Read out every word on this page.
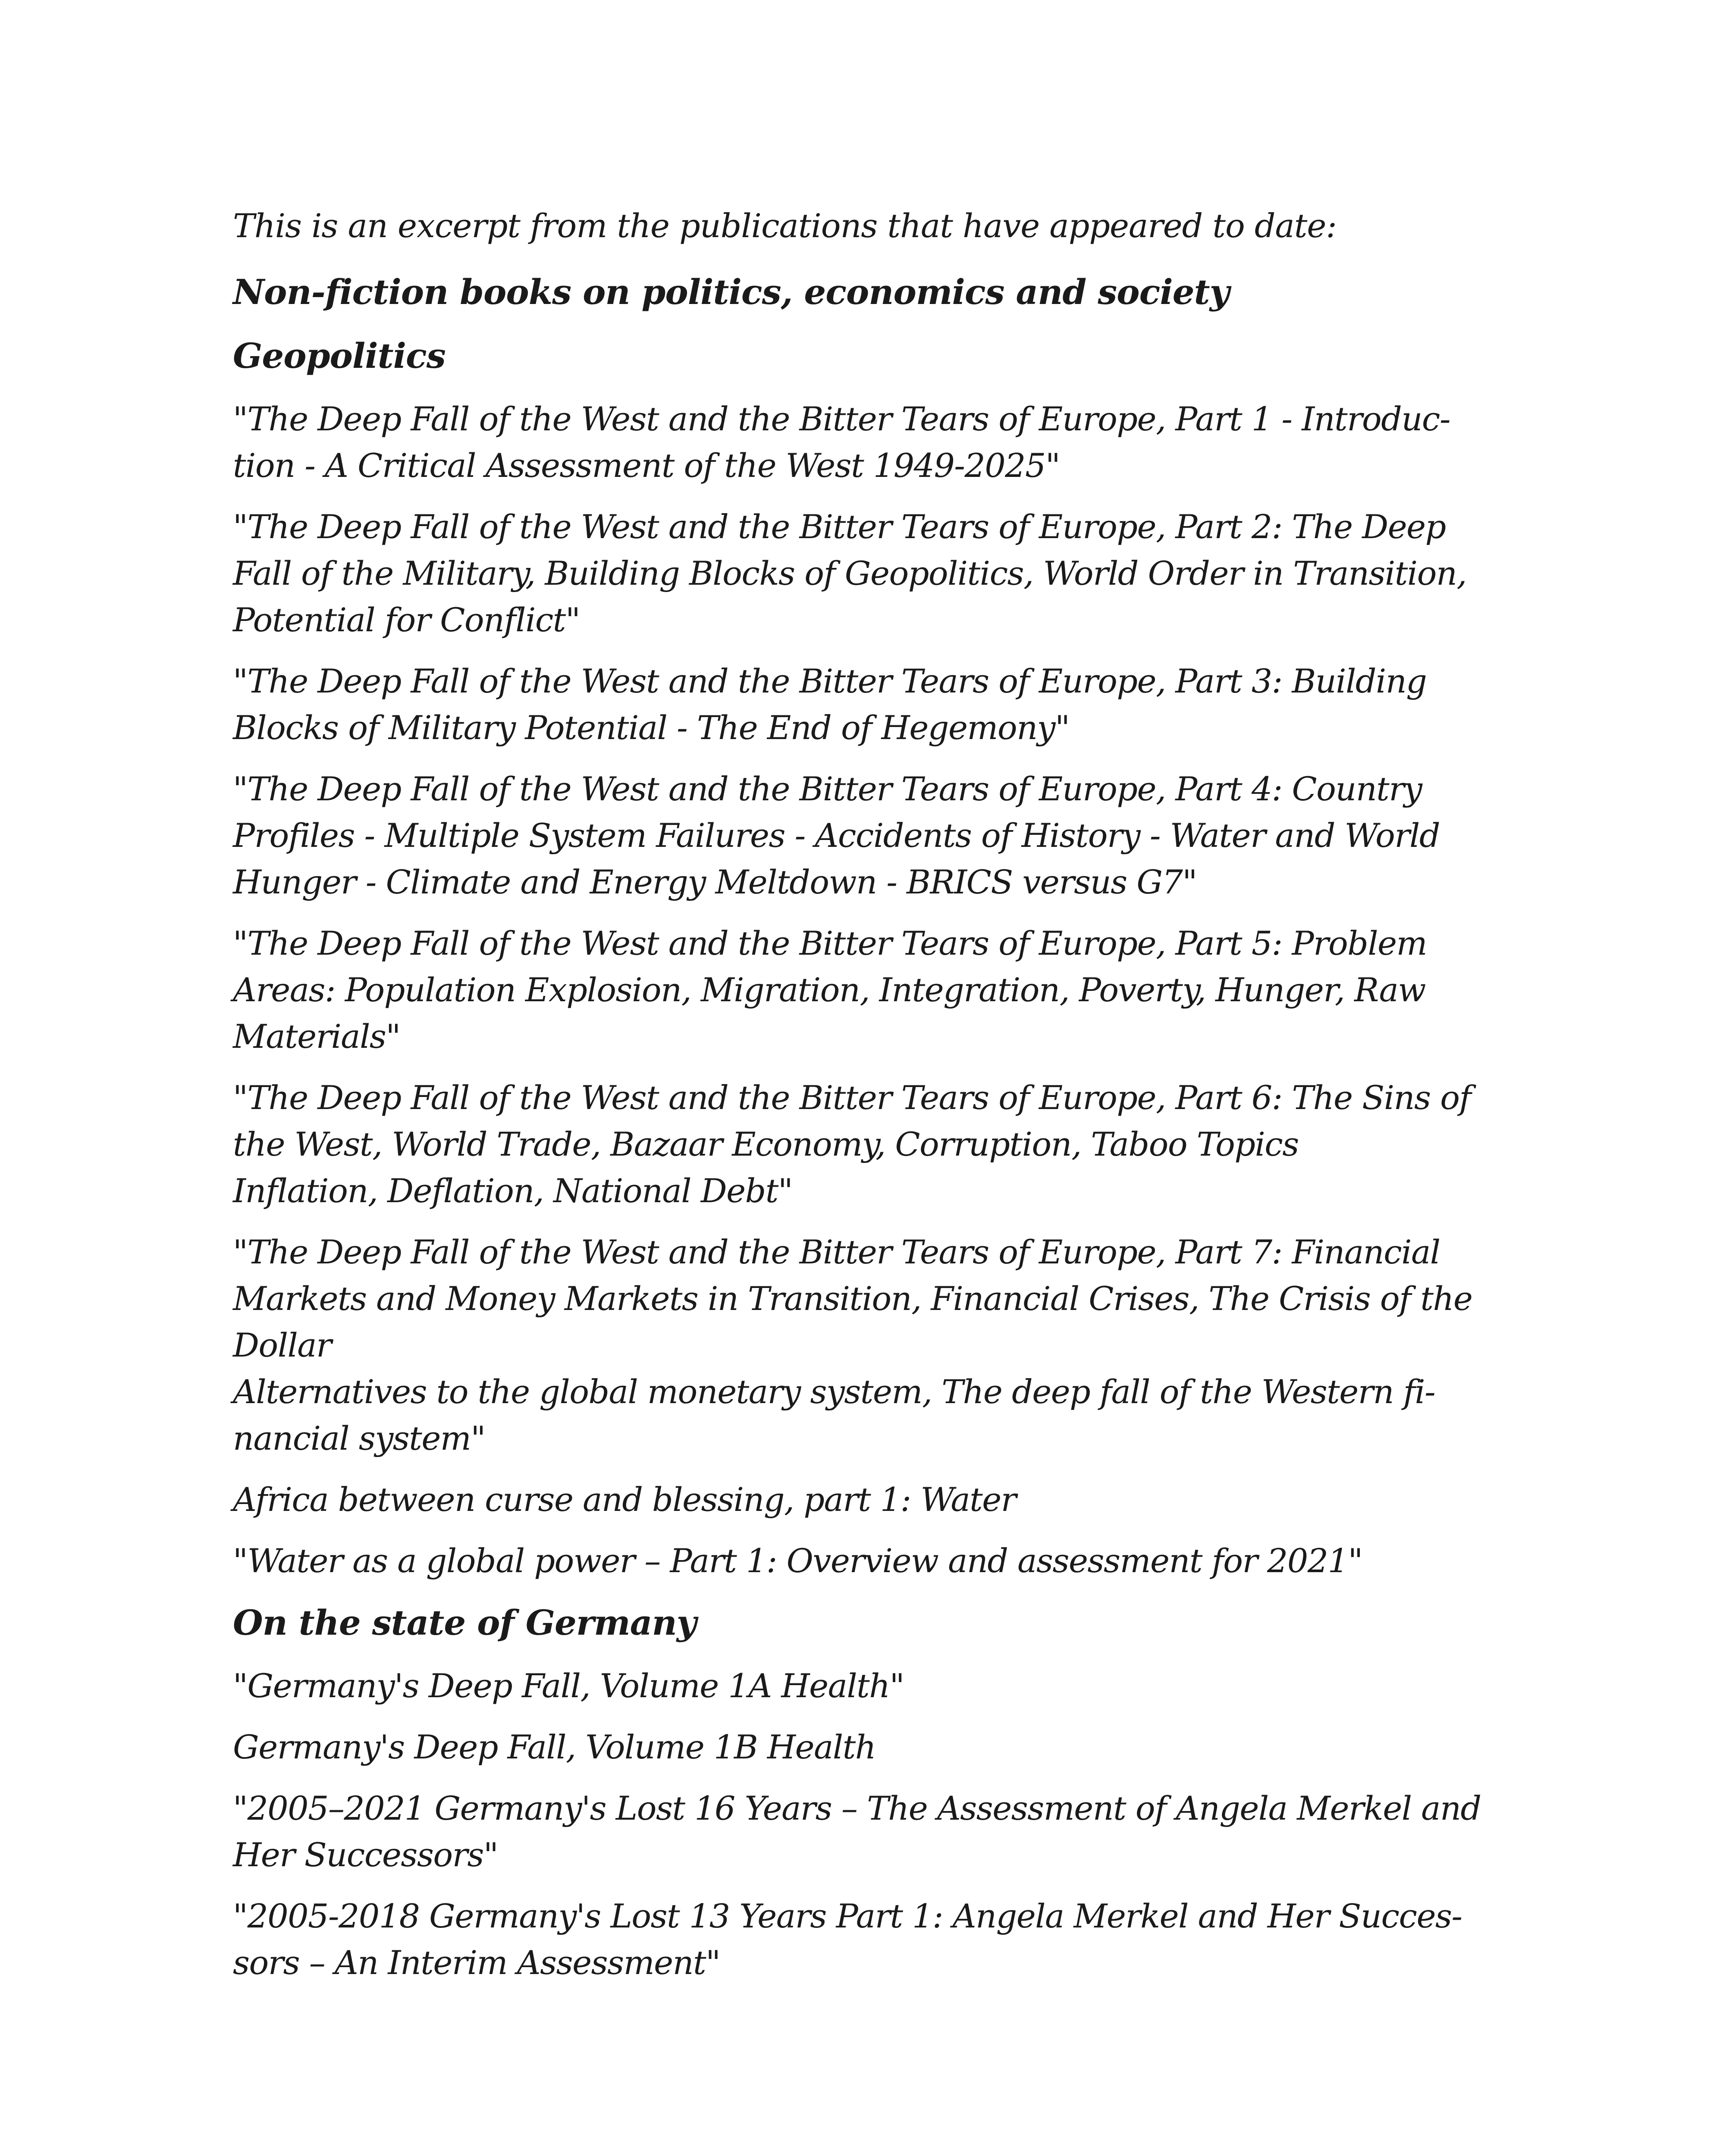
This is an excerpt from the publications that have appeared to date:

Non-fiction books on politics, economics and society

Geopolitics

"The Deep Fall of the West and the Bitter Tears of Europe, Part 1 - Introduc-
tion - A Critical Assessment of the West 1949-2025"

"The Deep Fall of the West and the Bitter Tears of Europe, Part 2: The Deep
Fall of the Military, Building Blocks of Geopolitics, World Order in Transition,
Potential for Conflict"

"The Deep Fall of the West and the Bitter Tears of Europe, Part 3: Building
Blocks of Military Potential - The End of Hegemony"

"The Deep Fall of the West and the Bitter Tears of Europe, Part 4: Country
Profiles - Multiple System Failures - Accidents of History - Water and World
Hunger - Climate and Energy Meltdown - BRICS versus G7"

"The Deep Fall of the West and the Bitter Tears of Europe, Part 5: Problem
Areas: Population Explosion, Migration, Integration, Poverty, Hunger, Raw
Materials"

"The Deep Fall of the West and the Bitter Tears of Europe, Part 6: The Sins of
the West, World Trade, Bazaar Economy, Corruption, Taboo Topics
Inflation, Deflation, National Debt"

"The Deep Fall of the West and the Bitter Tears of Europe, Part 7: Financial
Markets and Money Markets in Transition, Financial Crises, The Crisis of the
Dollar

Alternatives to the global monetary system, The deep fall of the Western fi-
nancial system"

Africa between curse and blessing, part 1: Water

"Water as a global power – Part 1: Overview and assessment for 2021"

On the state of Germany

"Germany's Deep Fall, Volume 1A Health"

Germany's Deep Fall, Volume 1B Health

"2005–2021 Germany's Lost 16 Years – The Assessment of Angela Merkel and
Her Successors"

"2005-2018 Germany's Lost 13 Years Part 1: Angela Merkel and Her Succes-
sors – An Interim Assessment"
